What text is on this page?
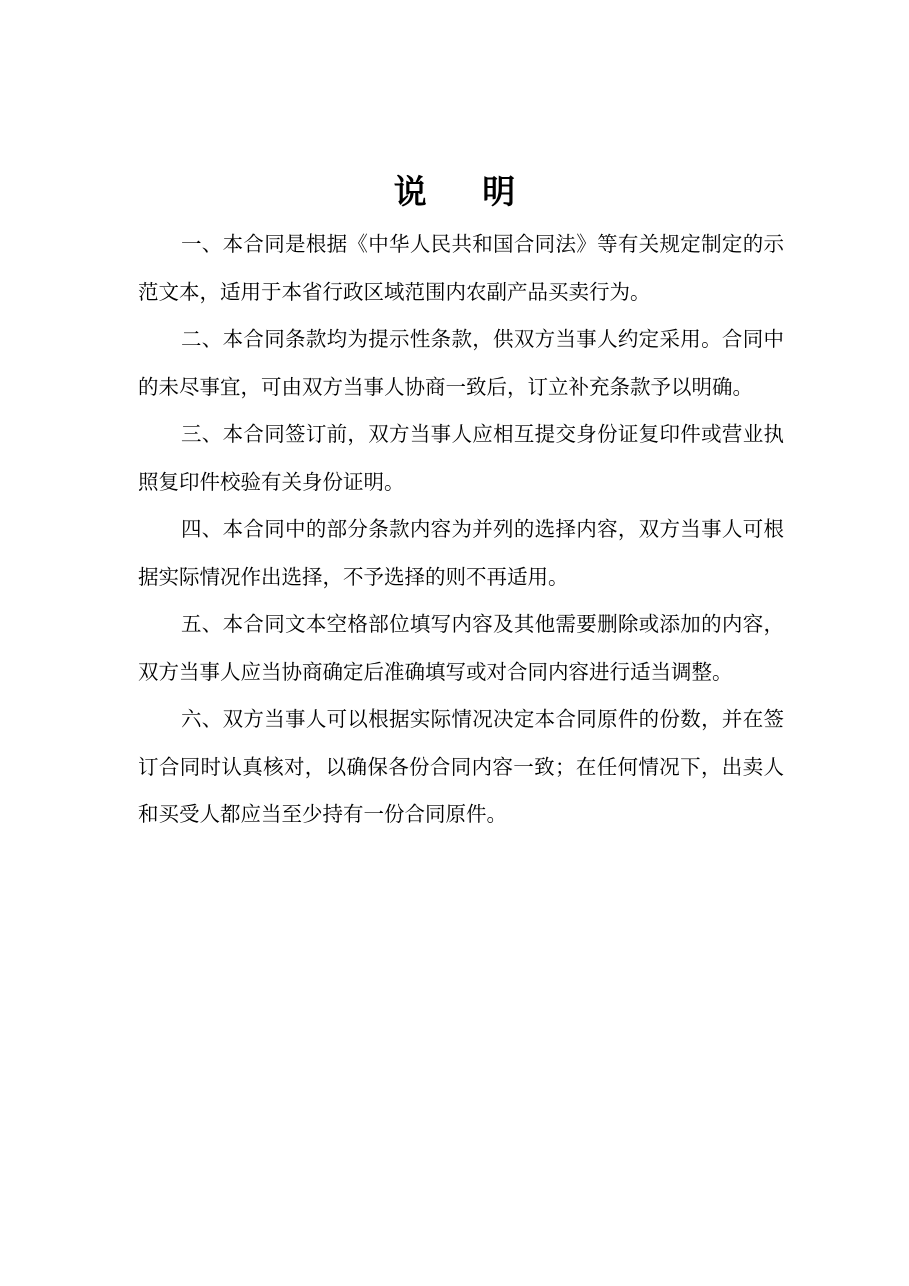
说 明

一、本合同是根据《中华人民共和国合同法》等有关规定制定的示范文本，适用于本省行政区域范围内农副产品买卖行为。

二、本合同条款均为提示性条款，供双方当事人约定采用。合同中的未尽事宜，可由双方当事人协商一致后，订立补充条款予以明确。

三、本合同签订前，双方当事人应相互提交身份证复印件或营业执照复印件校验有关身份证明。

四、本合同中的部分条款内容为并列的选择内容，双方当事人可根据实际情况作出选择，不予选择的则不再适用。

五、本合同文本空格部位填写内容及其他需要删除或添加的内容，双方当事人应当协商确定后准确填写或对合同内容进行适当调整。

六、双方当事人可以根据实际情况决定本合同原件的份数，并在签订合同时认真核对，以确保各份合同内容一致；在任何情况下，出卖人和买受人都应当至少持有一份合同原件。
